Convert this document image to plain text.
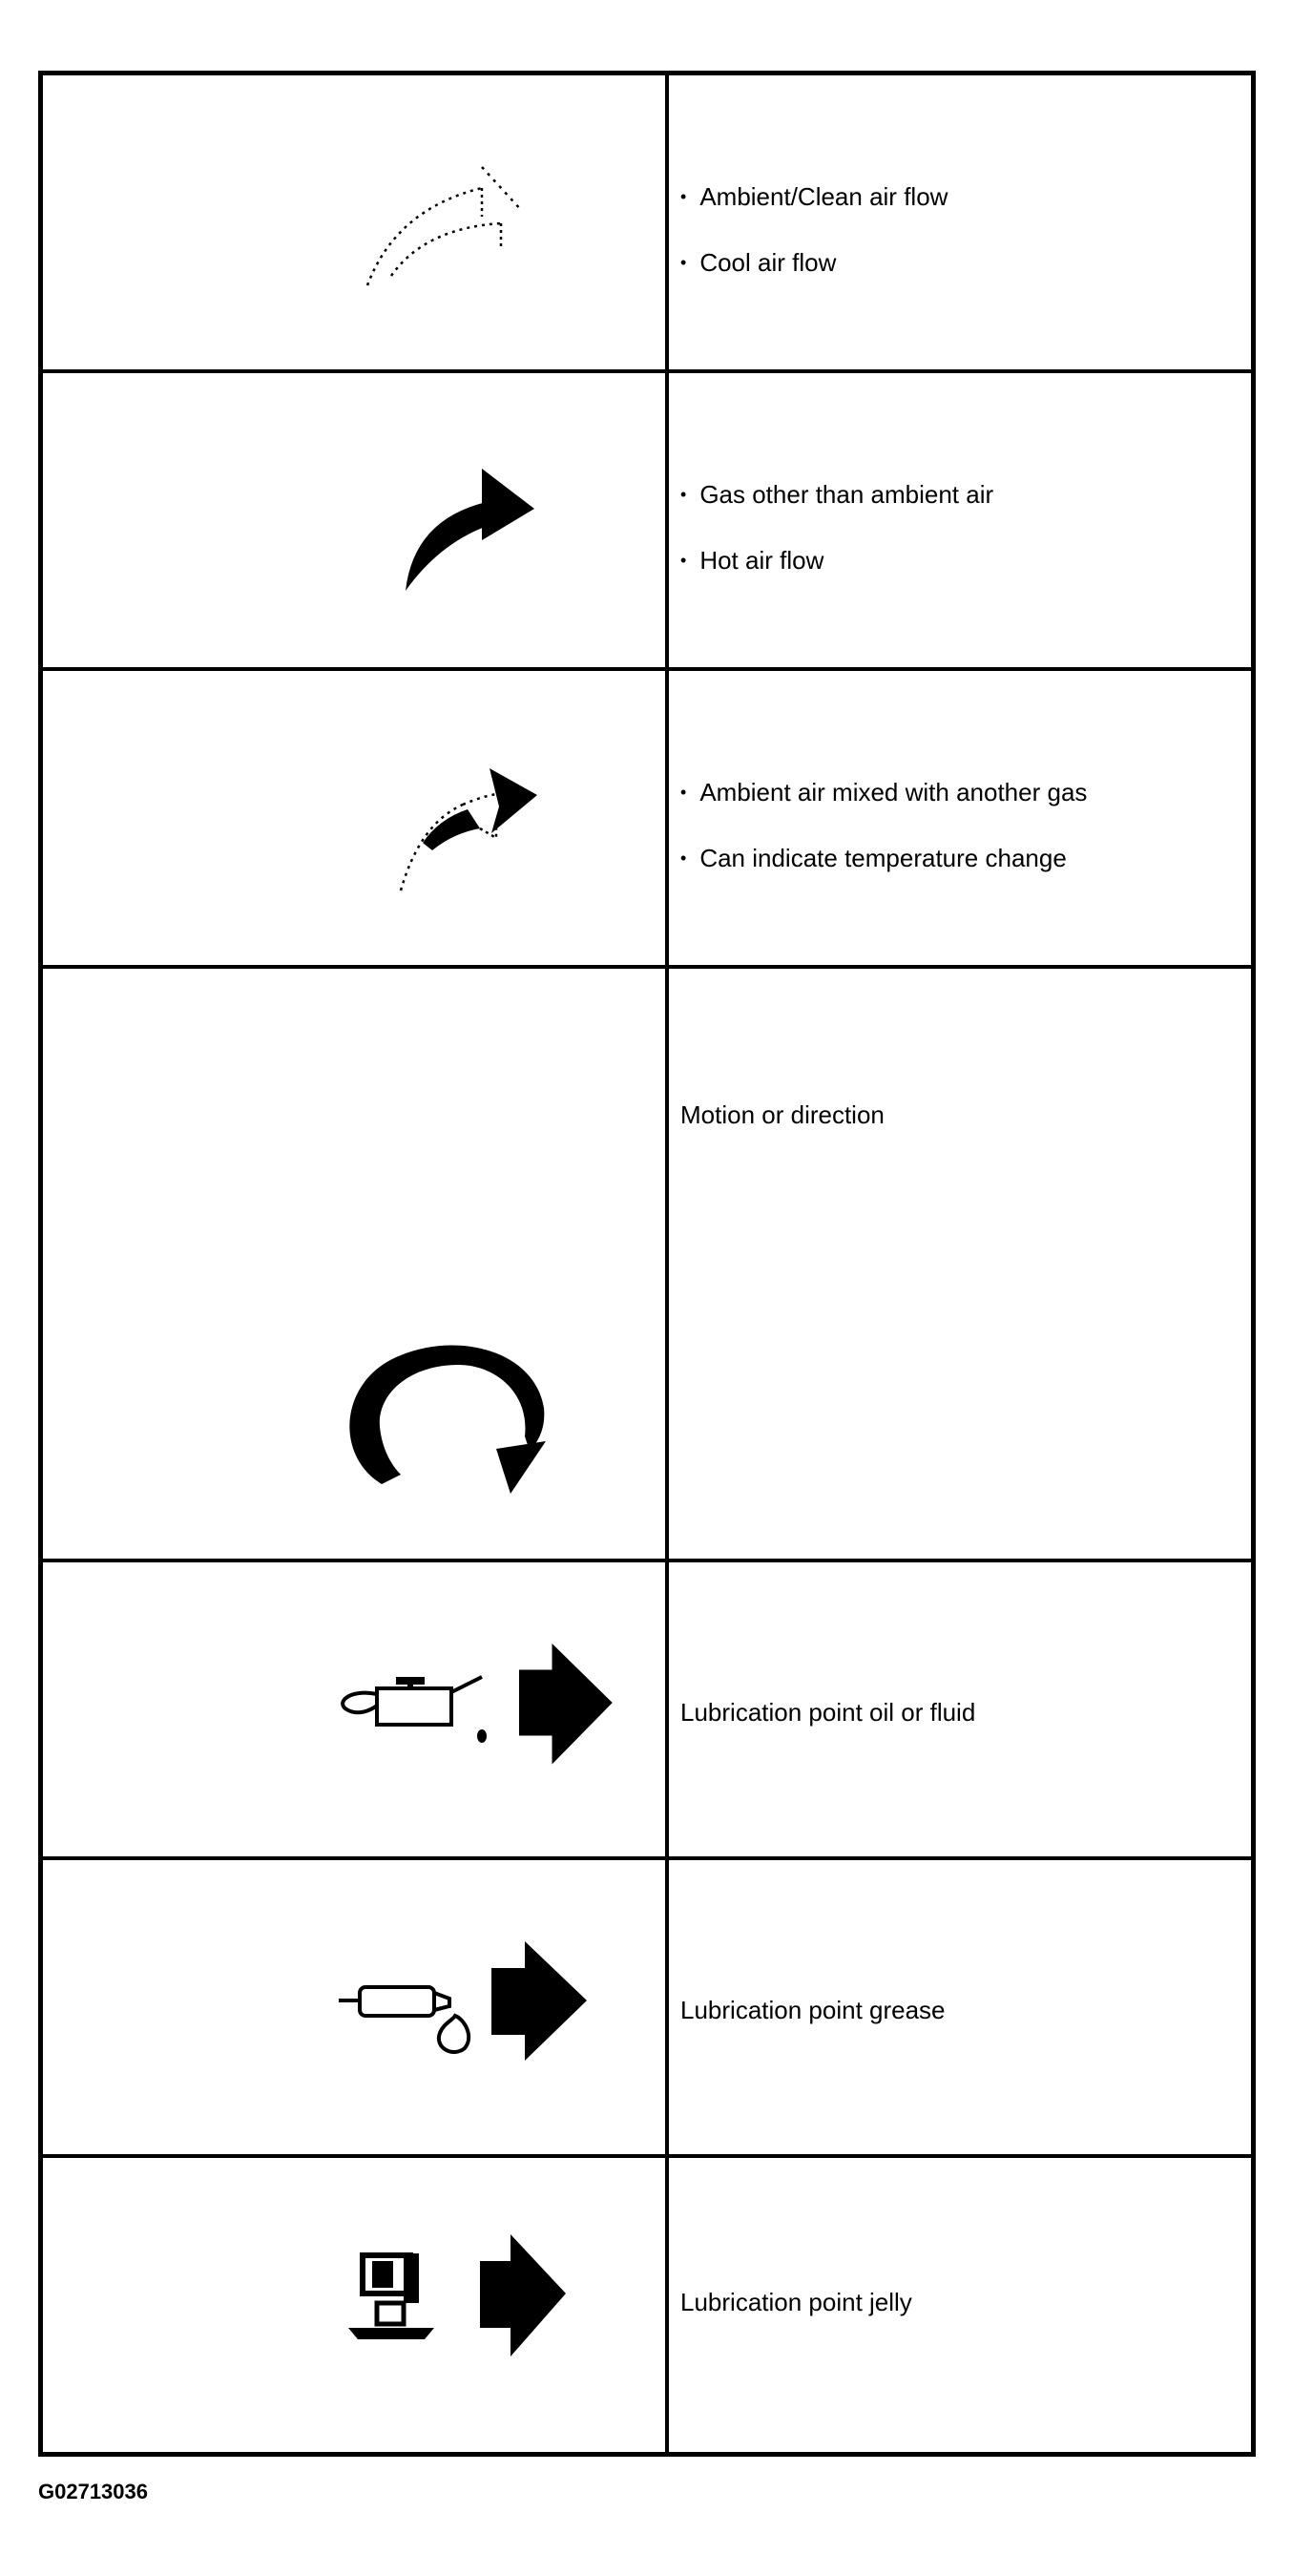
• Ambient/Clean air flow
• Cool air flow
• Gas other than ambient air
• Hot air flow
• Ambient air mixed with another gas
• Can indicate temperature change
Motion or direction
Lubrication point oil or fluid
Lubrication point grease
Lubrication point jelly
G02713036
